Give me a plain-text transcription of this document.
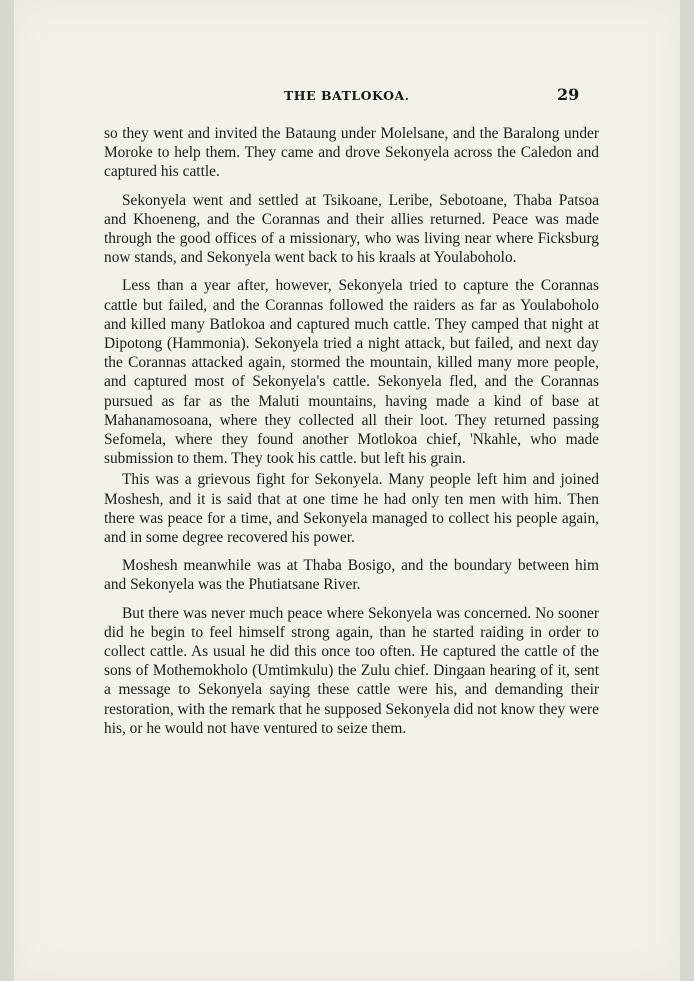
THE BATLOKOA.	29

so they went and invited the Bataung under Molelsane, and the Baralong under Moroke to help them. They came and drove Sekonyela across the Caledon and captured his cattle.

Sekonyela went and settled at Tsikoane, Leribe, Sebotoane, Thaba Patsoa and Khoeneng, and the Corannas and their allies returned. Peace was made through the good offices of a missionary, who was living near where Ficksburg now stands, and Sekonyela went back to his kraals at Youlaboholo.

Less than a year after, however, Sekonyela tried to capture the Corannas cattle but failed, and the Corannas followed the raiders as far as Youlaboholo and killed many Batlokoa and captured much cattle. They camped that night at Dipotong (Hammonia). Sekonyela tried a night attack, but failed, and next day the Corannas attacked again, stormed the mountain, killed many more people, and captured most of Sekonyela's cattle. Sekonyela fled, and the Corannas pursued as far as the Maluti mountains, having made a kind of base at Mahanamosoana, where they collected all their loot. They returned passing Sefomela, where they found another Motlokoa chief, 'Nkahle, who made submission to them. They took his cattle. but left his grain.

This was a grievous fight for Sekonyela. Many people left him and joined Moshesh, and it is said that at one time he had only ten men with him. Then there was peace for a time, and Sekonyela managed to collect his people again, and in some degree recovered his power.

Moshesh meanwhile was at Thaba Bosigo, and the boundary between him and Sekonyela was the Phutiatsane River.

But there was never much peace where Sekonyela was concerned. No sooner did he begin to feel himself strong again, than he started raiding in order to collect cattle. As usual he did this once too often. He captured the cattle of the sons of Mothemokholo (Umtimkulu) the Zulu chief. Dingaan hearing of it, sent a message to Sekonyela saying these cattle were his, and demanding their restoration, with the remark that he supposed Sekonyela did not know they were his, or he would not have ventured to seize them.
